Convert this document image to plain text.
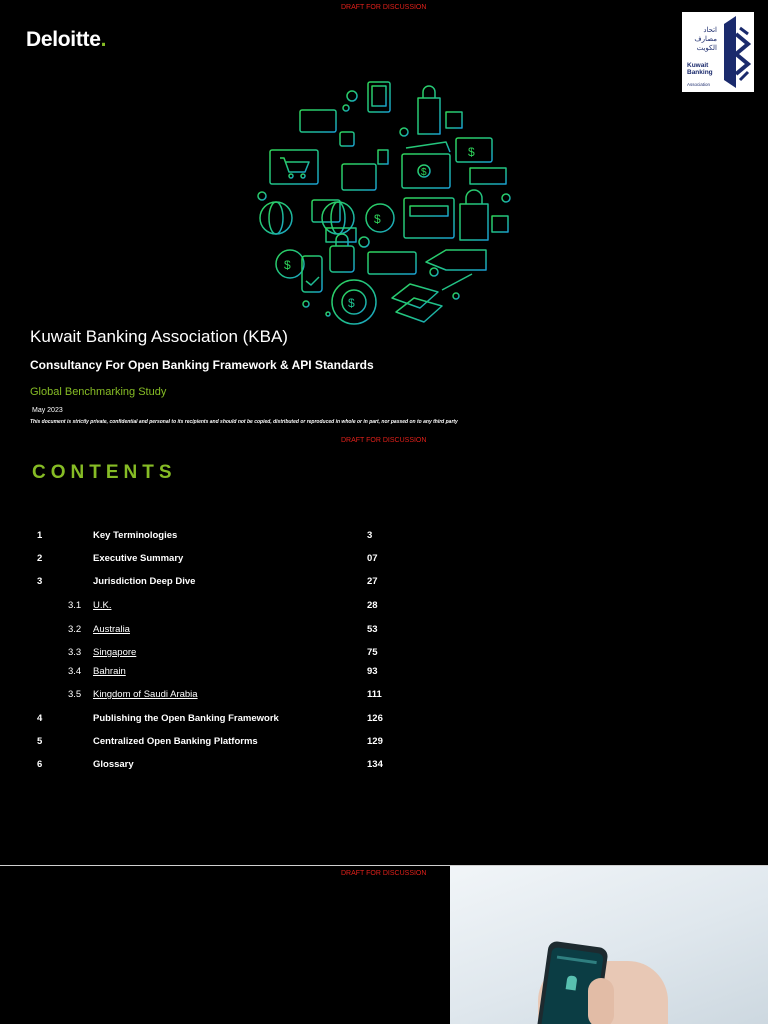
DRAFT FOR DISCUSSION
Deloitte.	اتحاد
مصارف
الكويت
Kuwait
Banking
Association
$
$
$
$
$
Kuwait Banking Association (KBA)
Consultancy For Open Banking Framework & API Standards
Global Benchmarking Study
May 2023
This document is strictly private, confidential and personal to its recipients and should not be copied, distributed or reproduced in whole or in part, nor passed on to any third party
DRAFT FOR DISCUSSION
CONTENTS
1	Key Terminologies	3
2	Executive Summary	07
3	Jurisdiction Deep Dive	27
3.1 U.K.	28
3.2 Australia	53
3.3 Singapore	75
3.4 Bahrain	93
3.5 Kingdom of Saudi Arabia	111
4	Publishing the Open Banking Framework	126
5	Centralized Open Banking Platforms	129
6	Glossary	134
DRAFT FOR DISCUSSION
